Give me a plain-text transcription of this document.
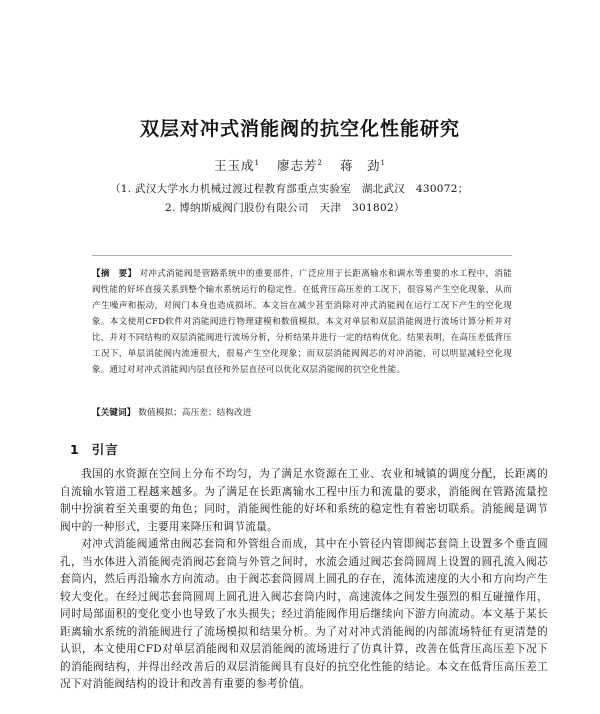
双层对冲式消能阀的抗空化性能研究
王玉成$^1$ 廖志芳$^2$ 蒋　劲$^1$
（1. 武汉大学水力机械过渡过程教育部重点实验室　湖北武汉　430072；
2. 博纳斯威阀门股份有限公司　天津　301802）
【摘　要】 对冲式消能阀是管路系统中的重要部件，广泛应用于长距离输水和调水等重要的水工程中，消能阀性能的好坏直接关系到整个输水系统运行的稳定性。在低背压高压差的工况下，很容易产生空化现象，从而产生噪声和振动，对阀门本身也造成损坏。本文旨在减少甚至消除对冲式消能阀在运行工况下产生的空化现象。本文使用CFD软件对消能阀进行物理建模和数值模拟。本文对单层和双层消能阀进行流场计算分析并对比，并对不同结构的双层消能阀进行流场分析，分析结果并进行一定的结构优化。结果表明，在高压差低背压工况下，单层消能阀内流速很大，很易产生空化现象；而双层消能阀阀芯的对冲消能，可以明显减轻空化现象。通过对对冲式消能阀内层直径和外层直径可以优化双层消能阀的抗空化性能。
【关键词】 数值模拟；高压差；结构改进
1 引言

我国的水资源在空间上分布不均匀，为了满足水资源在工业、农业和城镇的调度分配，长距离的自流输水管道工程越来越多。为了满足在长距离输水工程中压力和流量的要求，消能阀在管路流量控制中扮演着至关重要的角色；同时，消能阀性能的好坏和系统的稳定性有着密切联系。消能阀是调节阀中的一种形式，主要用来降压和调节流量。

对冲式消能阀通常由阀芯套筒和外管组合而成，其中在小管径内管即阀芯套筒上设置多个垂直圆孔，当水体进入消能阀壳消阀芯套筒与外管之间时，水流会通过阀芯套筒圆周上设置的圆孔流入阀芯套筒内，然后再沿输水方向流动。由于阀芯套筒圆周上圆孔的存在，流体流速度的大小和方向均产生较大变化。在经过阀芯套筒圆周上圆孔进入阀芯套筒内时，高速流体之间发生强烈的相互碰撞作用，同时局部面积的变化变小也导致了水头损失；经过消能阀作用后继续向下游方向流动。本文基于某长距离输水系统的消能阀进行了流场模拟和结果分析。为了对对冲式消能阀的内部流场特征有更清楚的认识，本文使用CFD对单层消能阀和双层消能阀的流场进行了仿真计算，改善在低背压高压差下况下的消能阀结构，并得出经改善后的双层消能阀具有良好的抗空化性能的结论。本文在低背压高压差工况下对消能阀结构的设计和改善有重要的参考价值。
